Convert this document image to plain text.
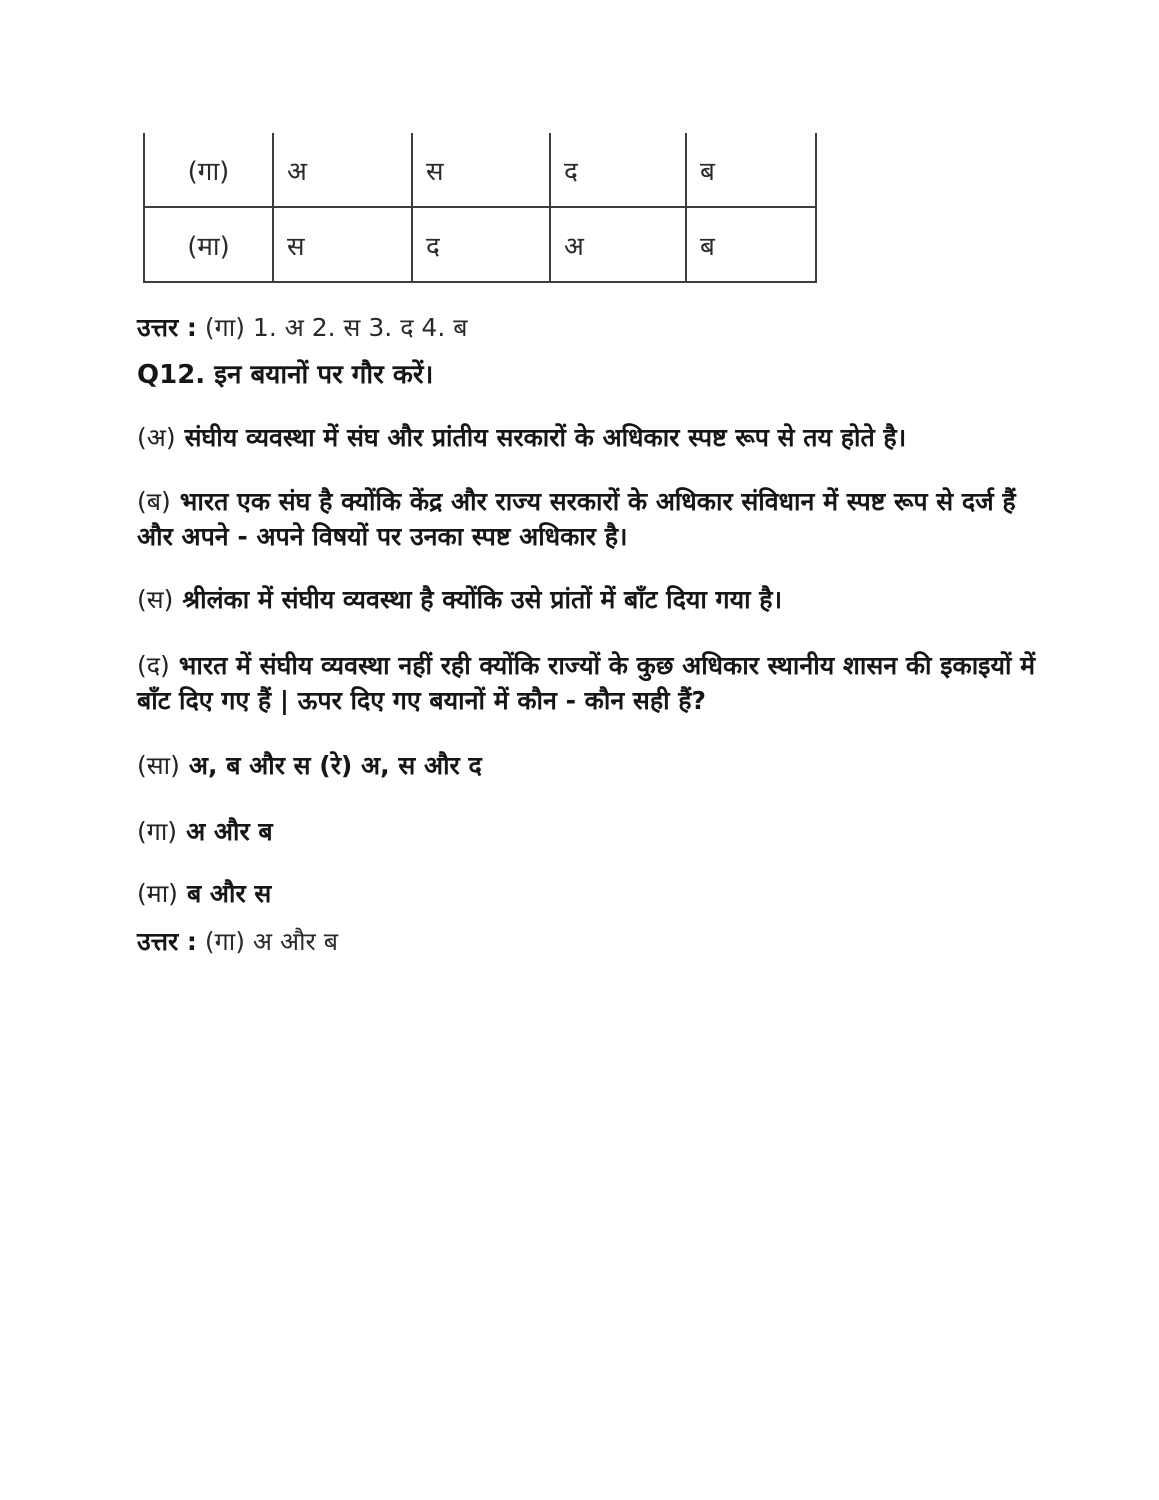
(गा)	अ	स	द	ब
(मा)	स	द	अ	ब
उत्तर : (गा) 1. अ 2. स 3. द 4. ब
Q12. इन बयानों पर गौर करें।
(अ) संघीय व्यवस्था में संघ और प्रांतीय सरकारों के अधिकार स्पष्ट रूप से तय होते है।
(ब) भारत एक संघ है क्योंकि केंद्र और राज्य सरकारों के अधिकार संविधान में स्पष्ट रूप से दर्ज हैं और अपने - अपने विषयों पर उनका स्पष्ट अधिकार है।
(स) श्रीलंका में संघीय व्यवस्था है क्योंकि उसे प्रांतों में बाँट दिया गया है।
(द) भारत में संघीय व्यवस्था नहीं रही क्योंकि राज्यों के कुछ अधिकार स्थानीय शासन की इकाइयों में बाँट दिए गए हैं | ऊपर दिए गए बयानों में कौन - कौन सही हैं?
(सा) अ, ब और स (रे) अ, स और द
(गा) अ और ब
(मा) ब और स
उत्तर : (गा) अ और ब
